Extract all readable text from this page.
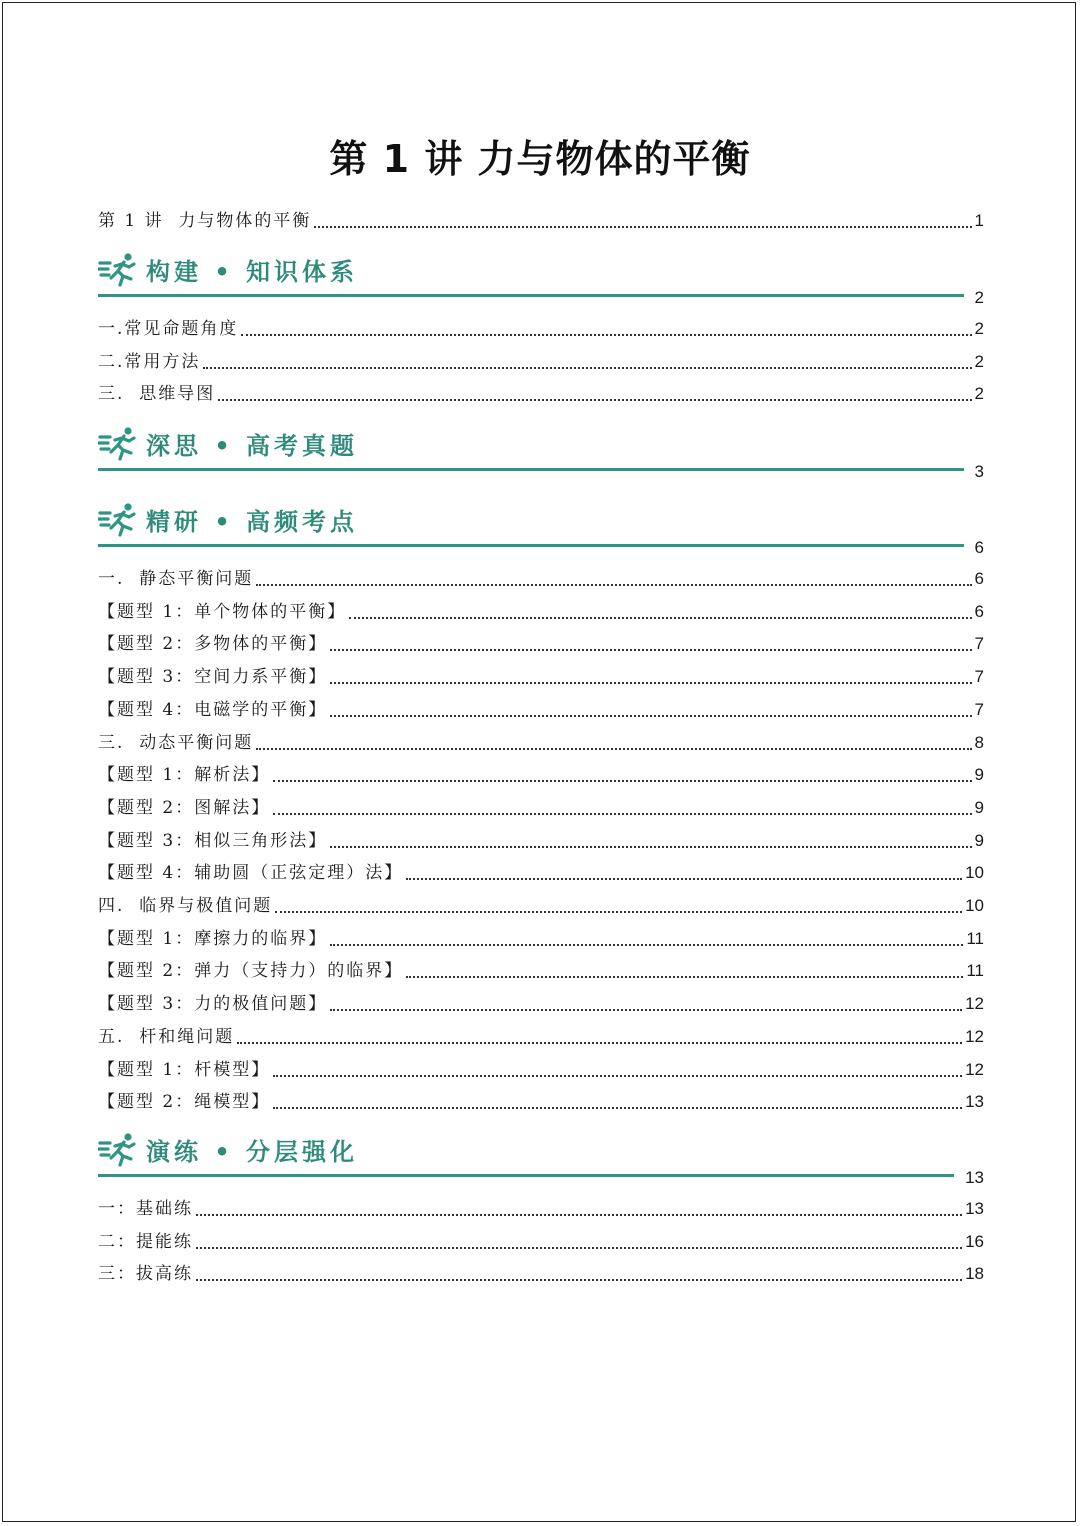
第 1 讲 力与物体的平衡
第 1 讲  力与物体的平衡	1
构建 • 知识体系
2
一.常见命题角度	2
二.常用方法	2
三.  思维导图	2
深思 • 高考真题
3
精研 • 高频考点
6
一.  静态平衡问题	6
【题型 1：单个物体的平衡】	6
【题型 2：多物体的平衡】	7
【题型 3：空间力系平衡】	7
【题型 4：电磁学的平衡】	7
三.  动态平衡问题	8
【题型 1：解析法】	9
【题型 2：图解法】	9
【题型 3：相似三角形法】	9
【题型 4：辅助圆（正弦定理）法】	10
四.  临界与极值问题	10
【题型 1：摩擦力的临界】	11
【题型 2：弹力（支持力）的临界】	11
【题型 3：力的极值问题】	12
五.  杆和绳问题	12
【题型 1：杆模型】	12
【题型 2：绳模型】	13
演练 • 分层强化
13
一：基础练	13
二：提能练	16
三：拔高练	18
